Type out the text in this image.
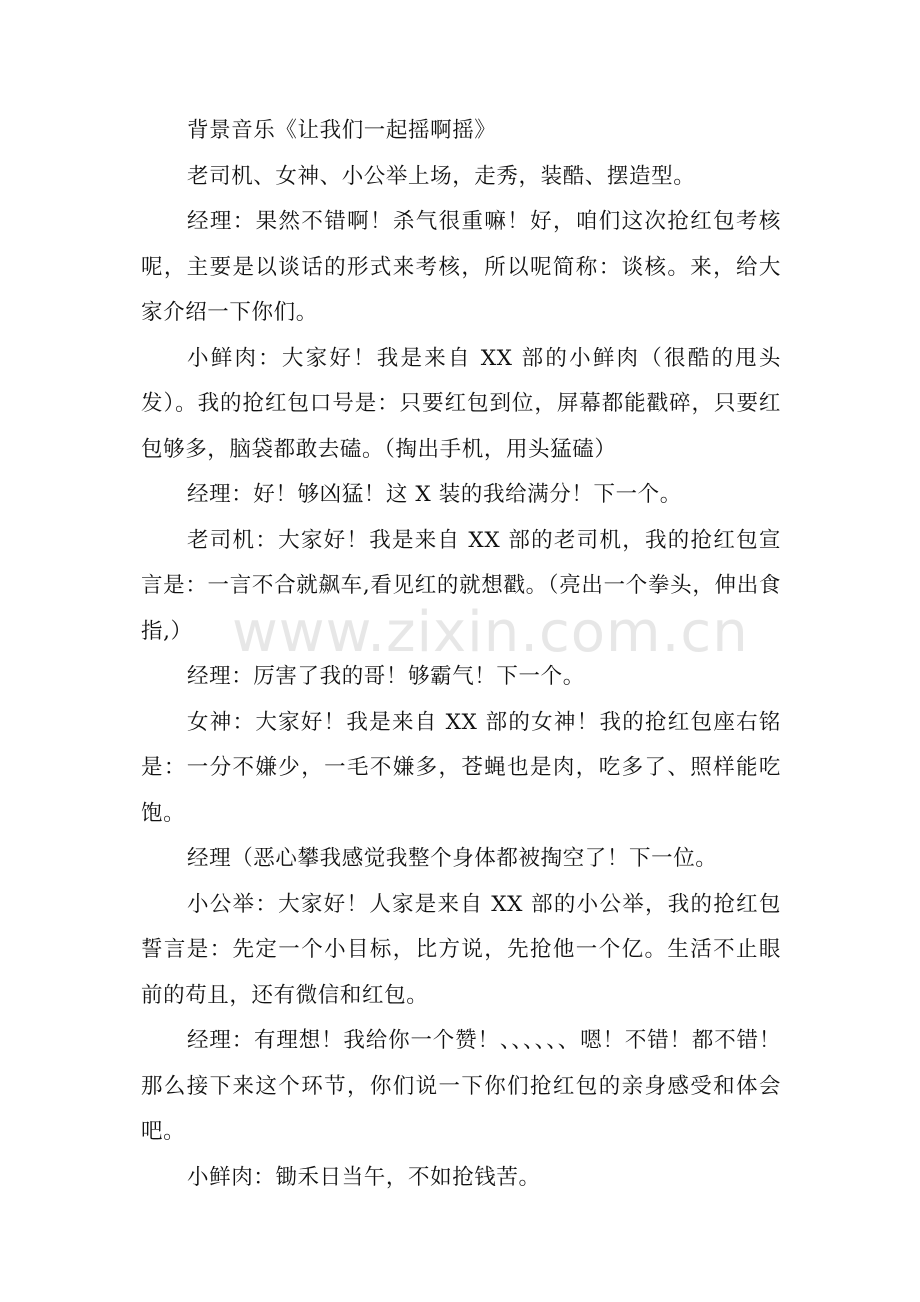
背景音乐《让我们一起摇啊摇》

老司机、女神、小公举上场，走秀，装酷、摆造型。

经理：果然不错啊！杀气很重嘛！好，咱们这次抢红包考核呢，主要是以谈话的形式来考核，所以呢简称：谈核。来，给大家介绍一下你们。

小鲜肉：大家好！我是来自 XX 部的小鲜肉（很酷的甩头发）。我的抢红包口号是：只要红包到位，屏幕都能戳碎，只要红包够多，脑袋都敢去磕。（掏出手机，用头猛磕）

经理：好！够凶猛！这 X 装的我给满分！下一个。

老司机：大家好！我是来自 XX 部的老司机，我的抢红包宣言是：一言不合就飙车,看见红的就想戳。（亮出一个拳头，伸出食指,）

经理：厉害了我的哥！够霸气！下一个。

女神：大家好！我是来自 XX 部的女神！我的抢红包座右铭是：一分不嫌少，一毛不嫌多，苍蝇也是肉，吃多了、照样能吃饱。

经理（恶心攀我感觉我整个身体都被掏空了！下一位。

小公举：大家好！人家是来自 XX 部的小公举，我的抢红包誓言是：先定一个小目标，比方说，先抢他一个亿。生活不止眼前的苟且，还有微信和红包。

经理：有理想！我给你一个赞！、、、、、、嗯！不错！都不错！那么接下来这个环节，你们说一下你们抢红包的亲身感受和体会吧。

小鲜肉：锄禾日当午，不如抢钱苦。

www.zixin.com.cn
